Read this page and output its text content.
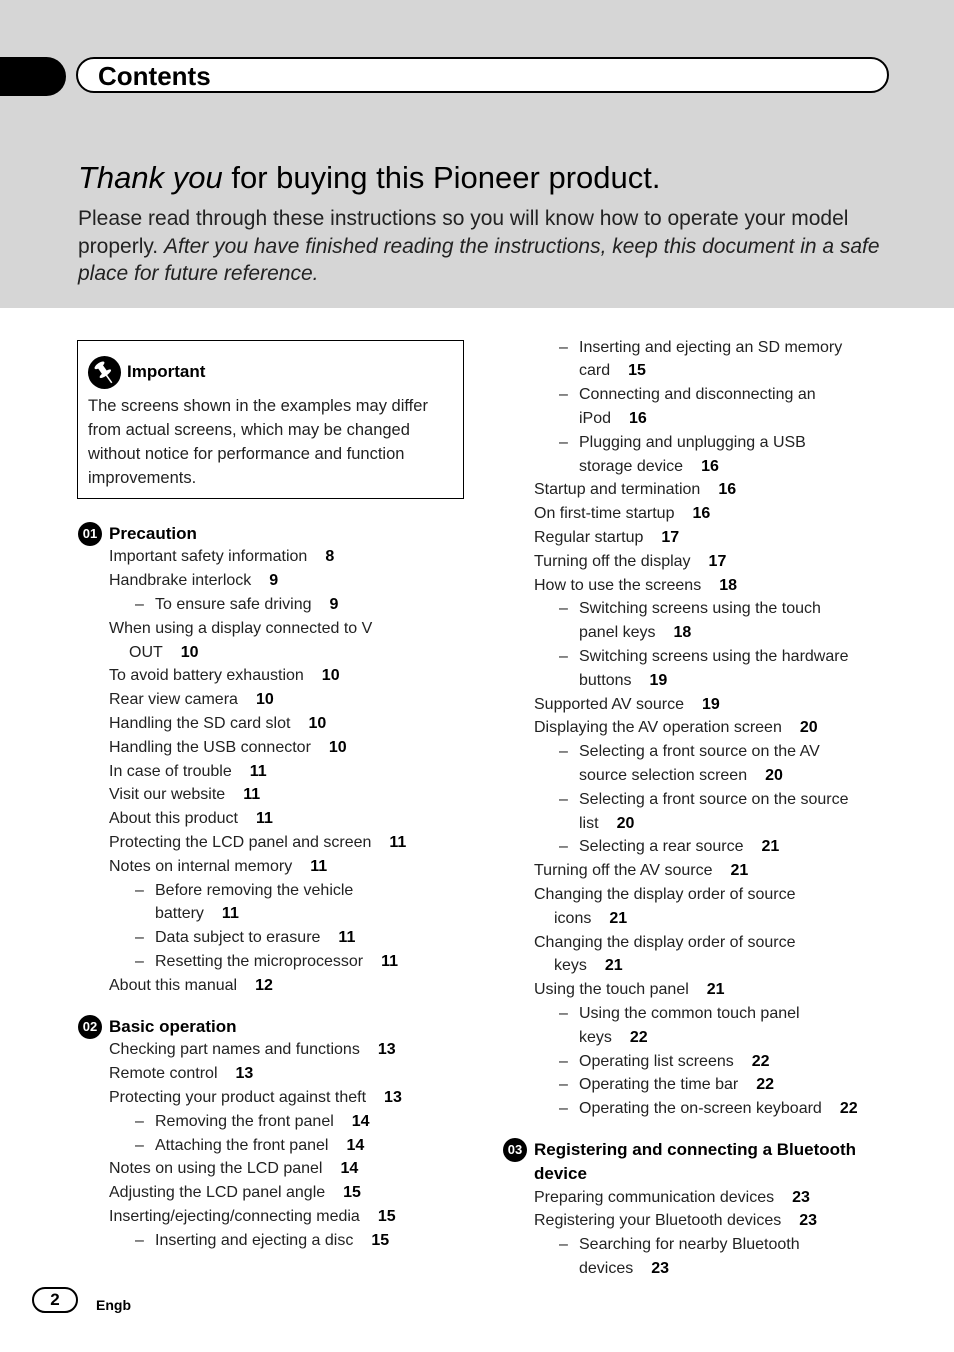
Contents
Thank you for buying this Pioneer product.
Please read through these instructions so you will know how to operate your model properly. After you have finished reading the instructions, keep this document in a safe place for future reference.
Important
The screens shown in the examples may differ from actual screens, which may be changed without notice for performance and function improvements.
01 Precaution
Important safety information 8
Handbrake interlock 9
– To ensure safe driving 9
When using a display connected to V
OUT 10
To avoid battery exhaustion 10
Rear view camera 10
Handling the SD card slot 10
Handling the USB connector 10
In case of trouble 11
Visit our website 11
About this product 11
Protecting the LCD panel and screen 11
Notes on internal memory 11
– Before removing the vehicle
battery 11
– Data subject to erasure 11
– Resetting the microprocessor 11
About this manual 12
02 Basic operation
Checking part names and functions 13
Remote control 13
Protecting your product against theft 13
– Removing the front panel 14
– Attaching the front panel 14
Notes on using the LCD panel 14
Adjusting the LCD panel angle 15
Inserting/ejecting/connecting media 15
– Inserting and ejecting a disc 15
– Inserting and ejecting an SD memory
card 15
– Connecting and disconnecting an
iPod 16
– Plugging and unplugging a USB
storage device 16
Startup and termination 16
On first-time startup 16
Regular startup 17
Turning off the display 17
How to use the screens 18
– Switching screens using the touch
panel keys 18
– Switching screens using the hardware
buttons 19
Supported AV source 19
Displaying the AV operation screen 20
– Selecting a front source on the AV
source selection screen 20
– Selecting a front source on the source
list 20
– Selecting a rear source 21
Turning off the AV source 21
Changing the display order of source
icons 21
Changing the display order of source
keys 21
Using the touch panel 21
– Using the common touch panel
keys 22
– Operating list screens 22
– Operating the time bar 22
– Operating the on-screen keyboard 22
03 Registering and connecting a Bluetooth
device
Preparing communication devices 23
Registering your Bluetooth devices 23
– Searching for nearby Bluetooth
devices 23
2	Engb
